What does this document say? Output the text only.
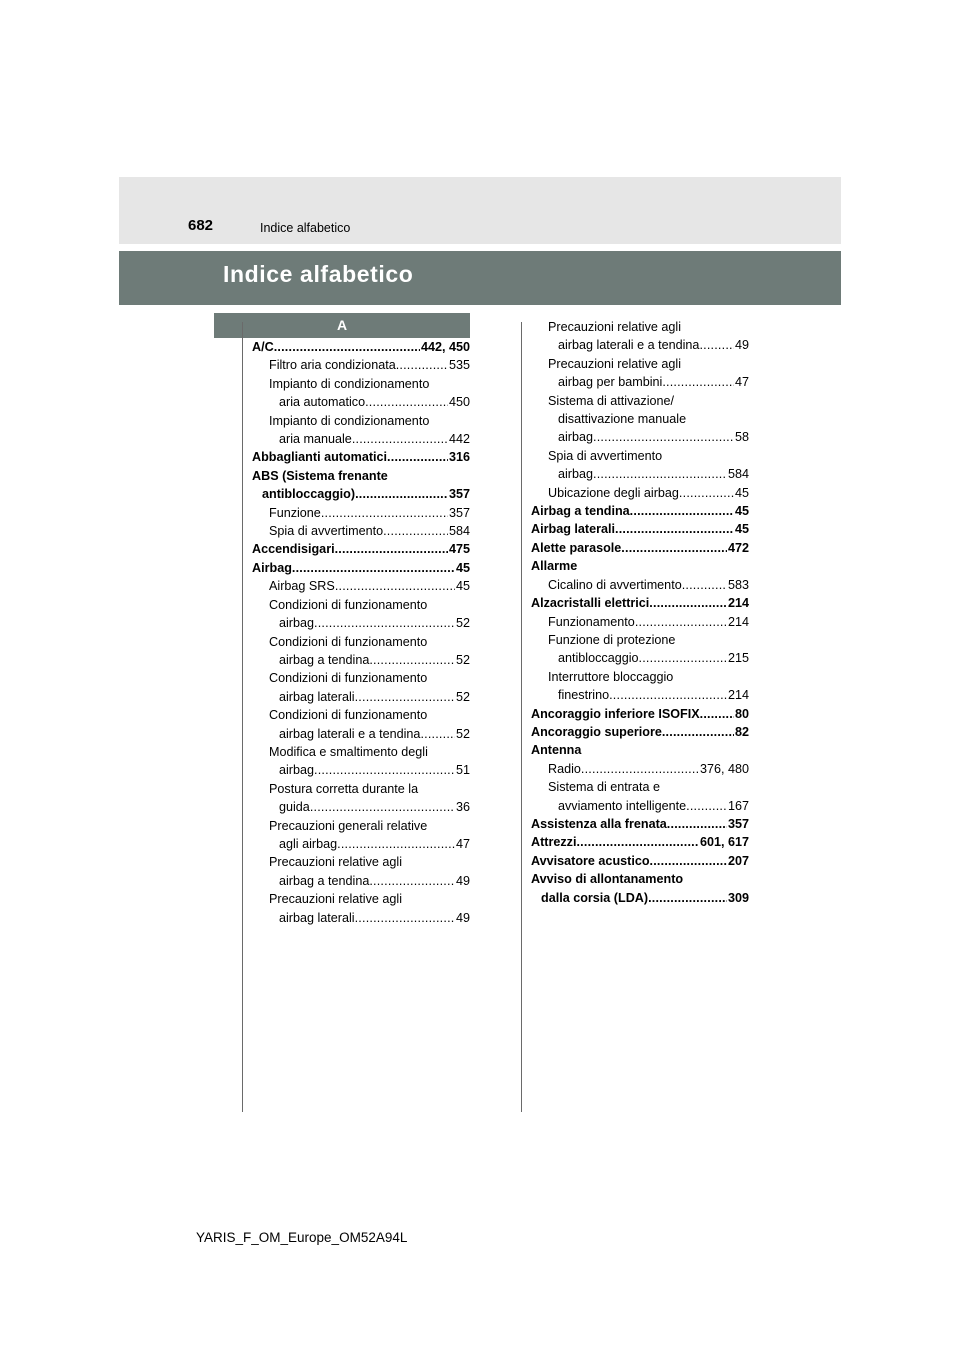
682	Indice alfabetico
Indice alfabetico
A
A/C .....	442, 450
Filtro aria condizionata .....	535
Impianto di condizionamento
aria automatico .....	450
Impianto di condizionamento
aria manuale .....	442
Abbaglianti automatici .....	316
ABS (Sistema frenante
antibloccaggio) .....	357
Funzione .....	357
Spia di avvertimento .....	584
Accendisigari .....	475
Airbag .....	45
Airbag SRS .....	45
Condizioni di funzionamento
airbag .....	52
Condizioni di funzionamento
airbag a tendina .....	52
Condizioni di funzionamento
airbag laterali .....	52
Condizioni di funzionamento
airbag laterali e a tendina .....	52
Modifica e smaltimento degli
airbag .....	51
Postura corretta durante la
guida .....	36
Precauzioni generali relative
agli airbag .....	47
Precauzioni relative agli
airbag a tendina .....	49
Precauzioni relative agli
airbag laterali .....	49
Precauzioni relative agli
airbag laterali e a tendina .....	49
Precauzioni relative agli
airbag per bambini .....	47
Sistema di attivazione/
disattivazione manuale
airbag .....	58
Spia di avvertimento
airbag .....	584
Ubicazione degli airbag .....	45
Airbag a tendina .....	45
Airbag laterali .....	45
Alette parasole .....	472
Allarme
Cicalino di avvertimento .....	583
Alzacristalli elettrici .....	214
Funzionamento .....	214
Funzione di protezione
antibloccaggio .....	215
Interruttore bloccaggio
finestrino .....	214
Ancoraggio inferiore ISOFIX .....	80
Ancoraggio superiore .....	82
Antenna
Radio .....	376, 480
Sistema di entrata e
avviamento intelligente .....	167
Assistenza alla frenata .....	357
Attrezzi .....	601, 617
Avvisatore acustico .....	207
Avviso di allontanamento
dalla corsia (LDA) .....	309
YARIS_F_OM_Europe_OM52A94L
